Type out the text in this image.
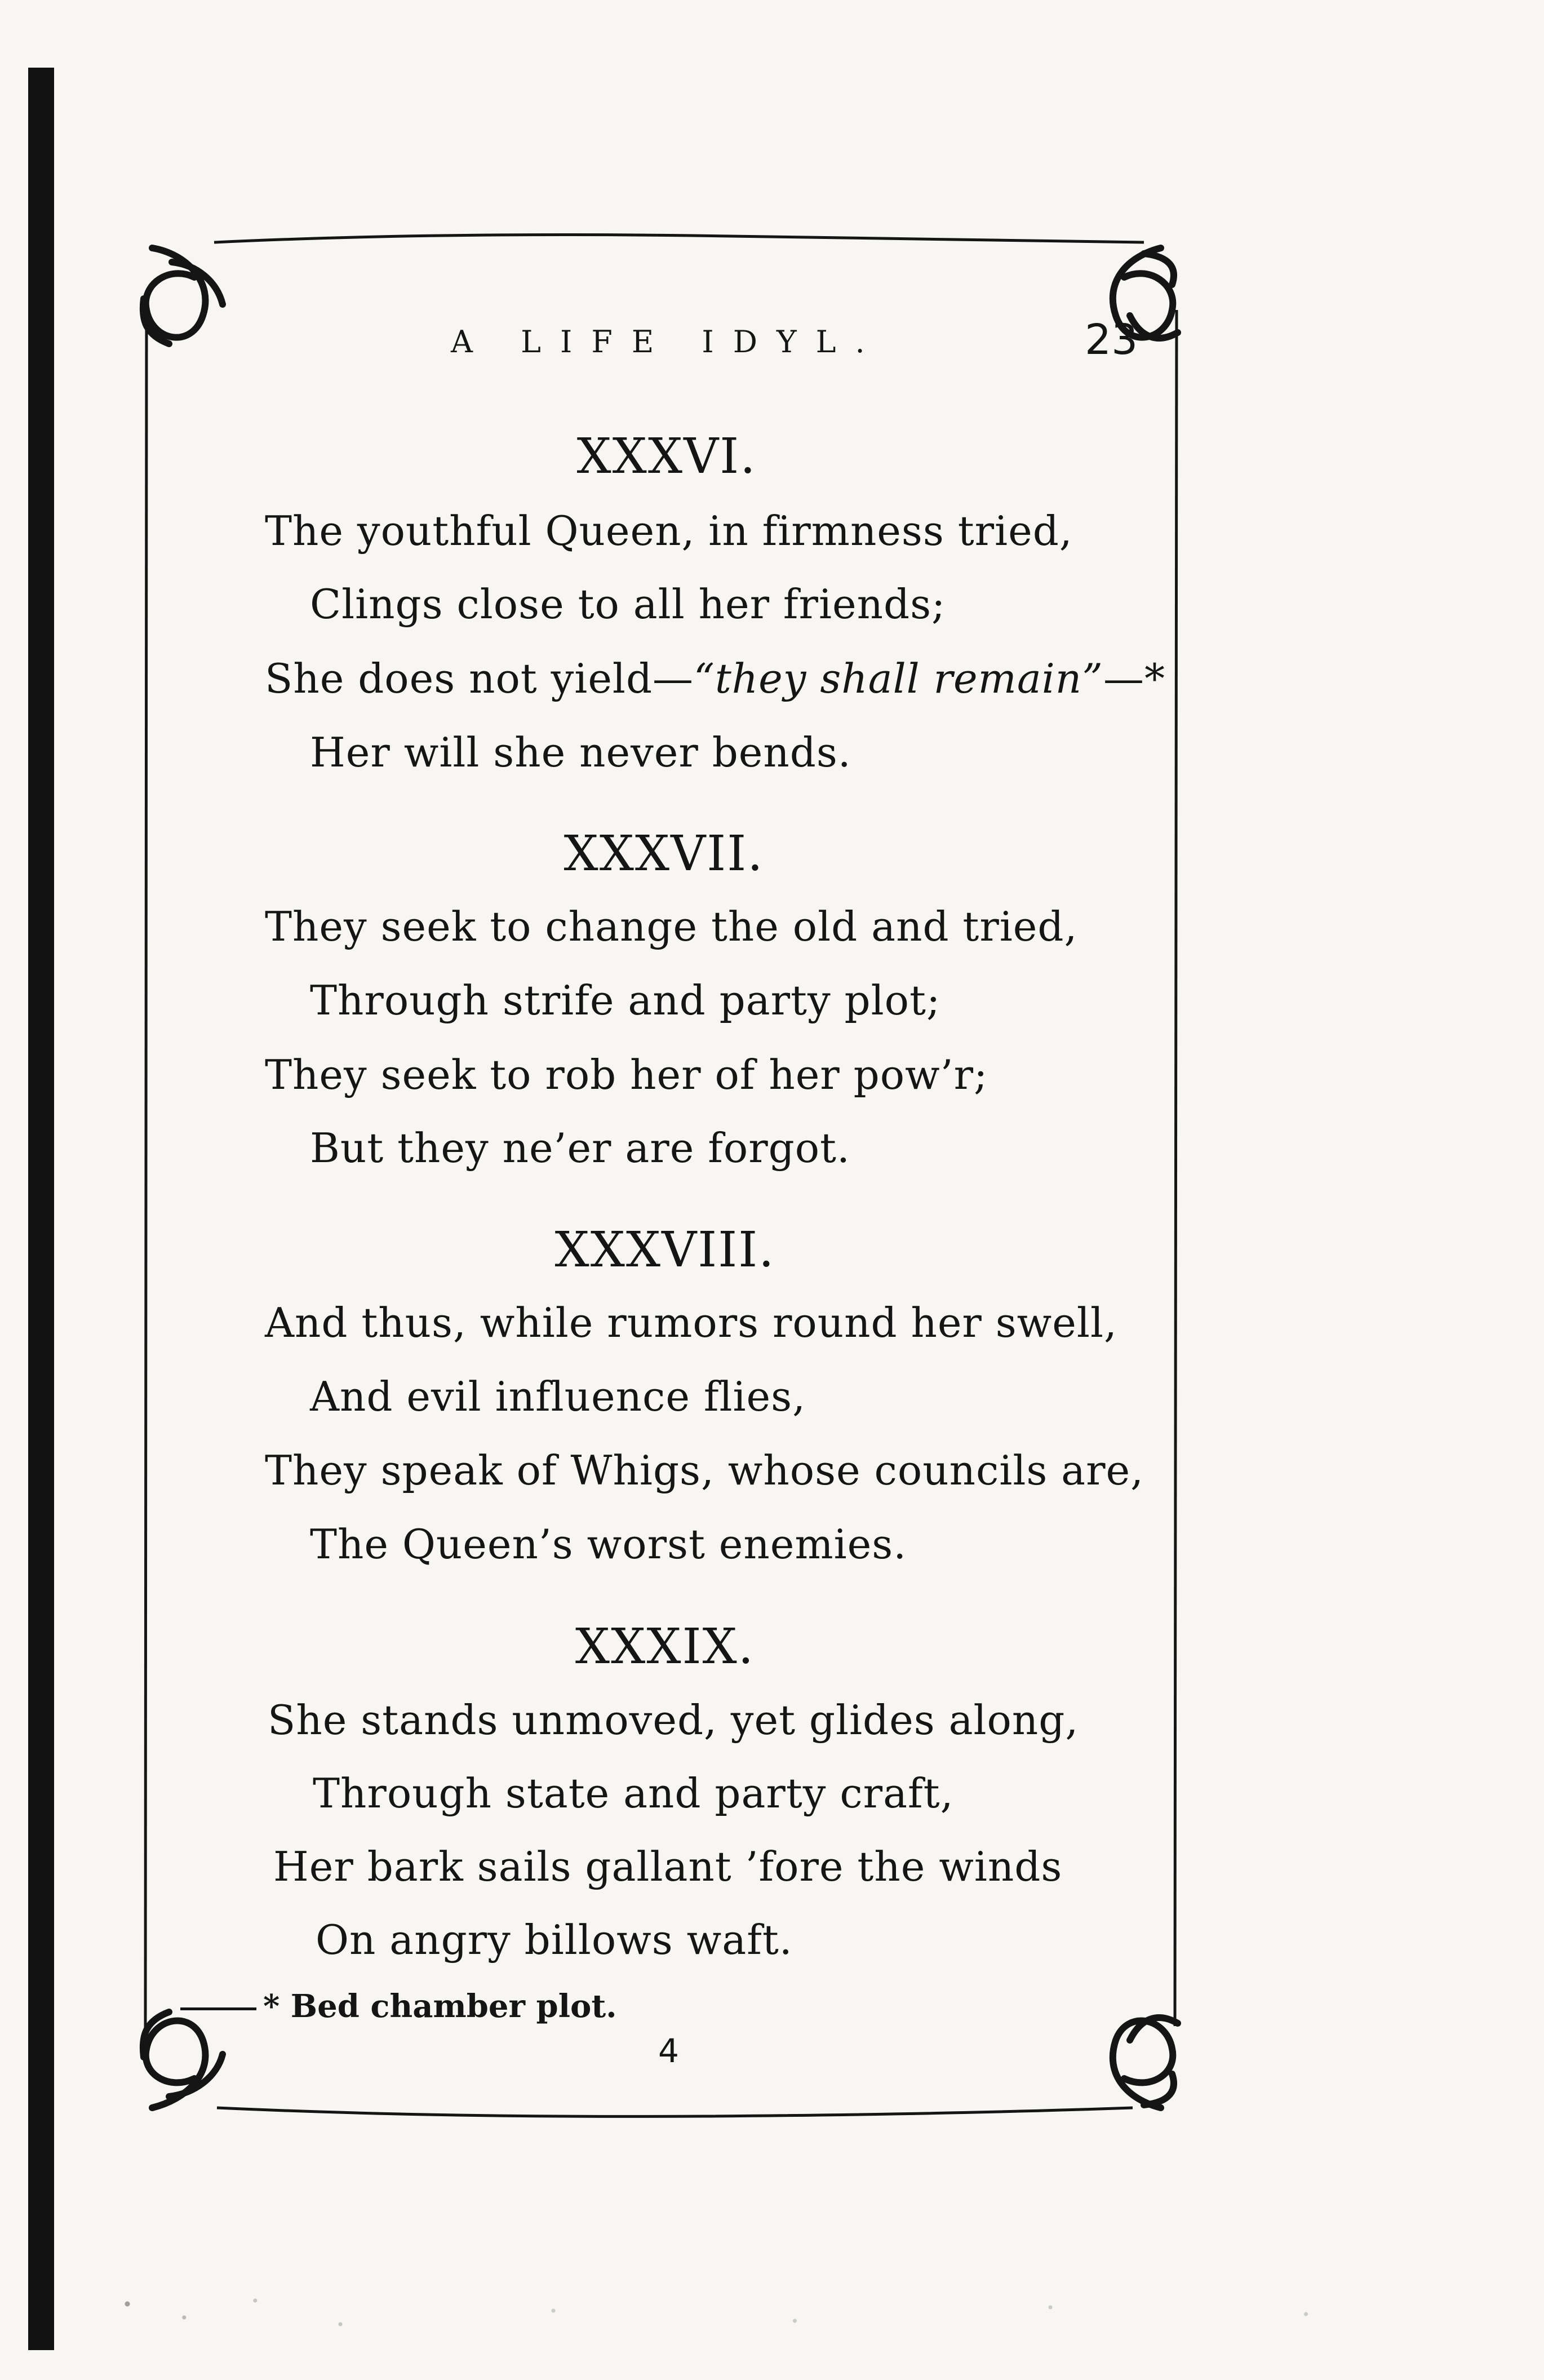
A LIFE IDYL.	23
XXXVI.
The youthful Queen, in firmness tried,
Clings close to all her friends;
She does not yield—“they shall remain”—*
Her will she never bends.
XXXVII.
They seek to change the old and tried,
Through strife and party plot;
They seek to rob her of her pow’r;
But they ne’er are forgot.
XXXVIII.
And thus, while rumors round her swell,
And evil influence flies,
They speak of Whigs, whose councils are,
The Queen’s worst enemies.
XXXIX.
She stands unmoved, yet glides along,
Through state and party craft,
Her bark sails gallant ’fore the winds
On angry billows waft.
* Bed chamber plot.
4
